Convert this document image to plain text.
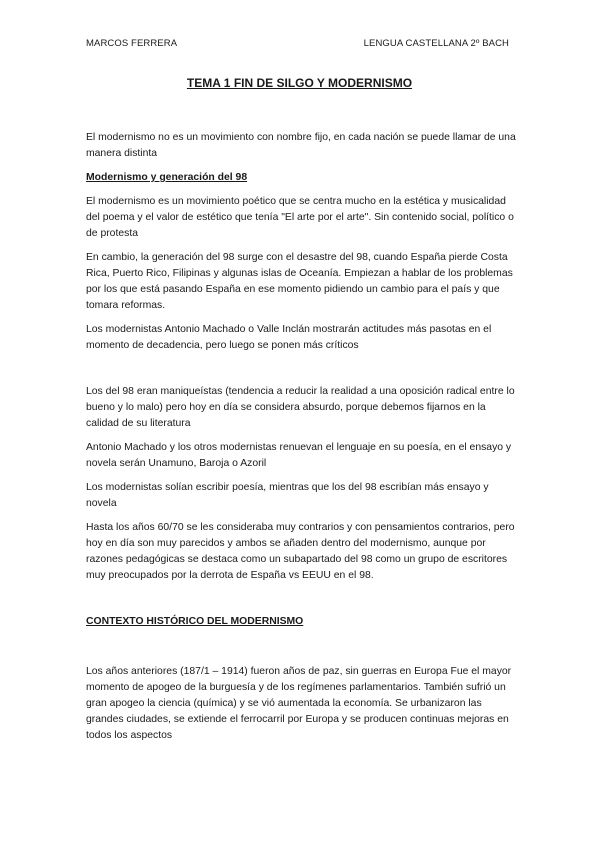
MARCOS FERRERA	LENGUA CASTELLANA 2º BACH
TEMA 1 FIN DE SILGO Y MODERNISMO

El modernismo no es un movimiento con nombre fijo, en cada nación se puede llamar de una manera distinta

Modernismo y generación del 98

El modernismo es un movimiento poético que se centra mucho en la estética y musicalidad del poema y el valor de estético que tenía "El arte por el arte". Sin contenido social, político o de protesta

En cambio, la generación del 98 surge con el desastre del 98, cuando España pierde Costa Rica, Puerto Rico, Filipinas y algunas islas de Oceanía. Empiezan a hablar de los problemas por los que está pasando España en ese momento pidiendo un cambio para el país y que tomara reformas.

Los modernistas Antonio Machado o Valle Inclán mostrarán actitudes más pasotas en el momento de decadencia, pero luego se ponen más críticos

Los del 98 eran maniqueístas (tendencia a reducir la realidad a una oposición radical entre lo bueno y lo malo) pero hoy en día se considera absurdo, porque debemos fijarnos en la calidad de su literatura

Antonio Machado y los otros modernistas renuevan el lenguaje en su poesía, en el ensayo y novela serán Unamuno, Baroja o Azoril

Los modernistas solían escribir poesía, mientras que los del 98 escribían más ensayo y novela

Hasta los años 60/70 se les consideraba muy contrarios y con pensamientos contrarios, pero hoy en día son muy parecidos y ambos se añaden dentro del modernismo, aunque por razones pedagógicas se destaca como un subapartado del 98 como un grupo de escritores muy preocupados por la derrota de España vs EEUU en el 98.

CONTEXTO HISTÓRICO DEL MODERNISMO

Los años anteriores (187/1 – 1914) fueron años de paz, sin guerras en Europa Fue el mayor momento de apogeo de la burguesía y de los regímenes parlamentarios. También sufrió un gran apogeo la ciencia (química) y se vió aumentada la economía. Se urbanizaron las grandes ciudades, se extiende el ferrocarril por Europa y se producen continuas mejoras en todos los aspectos
